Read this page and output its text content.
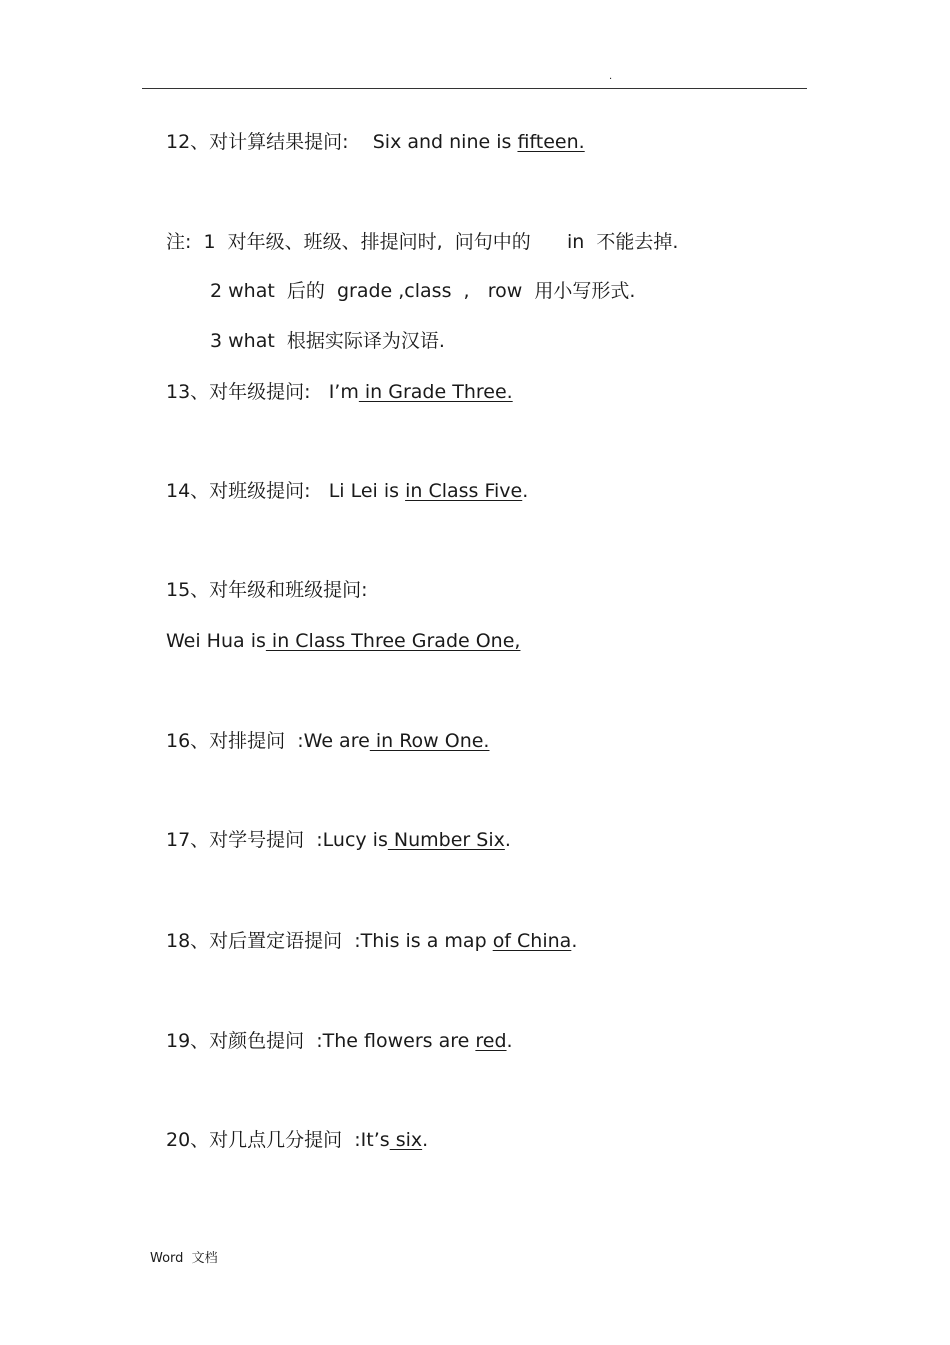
.
12、对计算结果提问:    Six and nine is fifteen.
注:  1  对年级、班级、排提问时,  问句中的      in  不能去掉.
2 what  后的  grade ,class  ,   row  用小写形式.
3 what  根据实际译为汉语.
13、对年级提问:   I’m in Grade Three.
14、对班级提问:   Li Lei is in Class Five.
15、对年级和班级提问:
Wei Hua is in Class Three Grade One,
16、对排提问  :We are in Row One.
17、对学号提问  :Lucy is Number Six.
18、对后置定语提问  :This is a map of China.
19、对颜色提问  :The flowers are red.
20、对几点几分提问  :It’s six.
Word  文档
